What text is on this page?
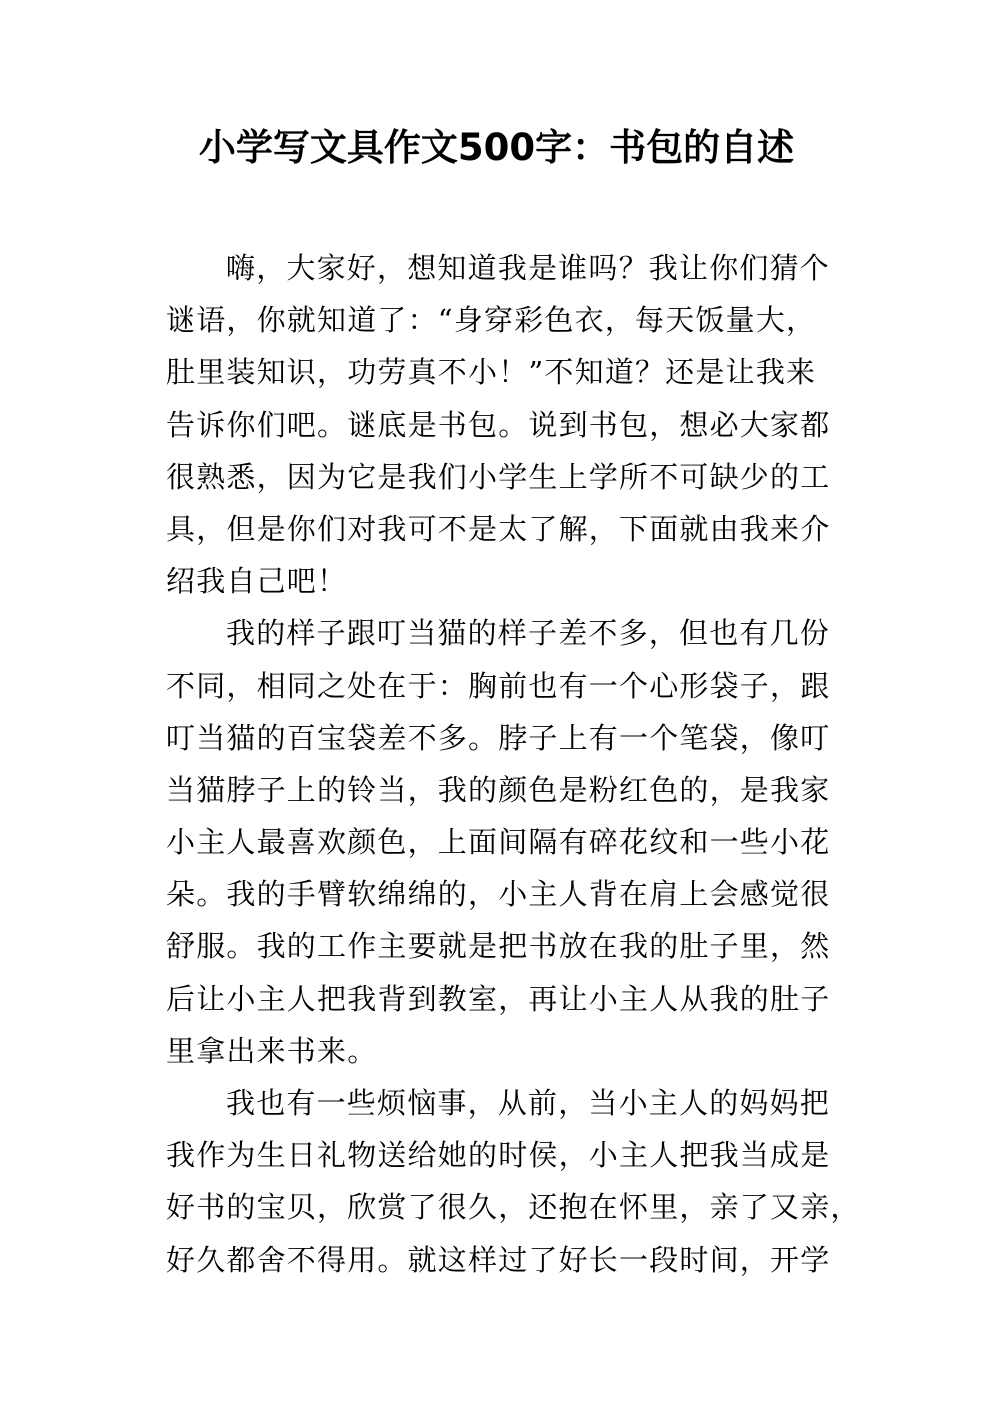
小学写文具作文500字：书包的自述
嗨，大家好，想知道我是谁吗？我让你们猜个
谜语，你就知道了：“身穿彩色衣，每天饭量大，
肚里装知识，功劳真不小！”不知道？还是让我来
告诉你们吧。谜底是书包。说到书包，想必大家都
很熟悉，因为它是我们小学生上学所不可缺少的工
具，但是你们对我可不是太了解，下面就由我来介
绍我自己吧！
我的样子跟叮当猫的样子差不多，但也有几份
不同，相同之处在于：胸前也有一个心形袋子，跟
叮当猫的百宝袋差不多。脖子上有一个笔袋，像叮
当猫脖子上的铃当，我的颜色是粉红色的，是我家
小主人最喜欢颜色，上面间隔有碎花纹和一些小花
朵。我的手臂软绵绵的，小主人背在肩上会感觉很
舒服。我的工作主要就是把书放在我的肚子里，然
后让小主人把我背到教室，再让小主人从我的肚子
里拿出来书来。
我也有一些烦恼事，从前，当小主人的妈妈把
我作为生日礼物送给她的时侯，小主人把我当成是
好书的宝贝，欣赏了很久，还抱在怀里，亲了又亲，
好久都舍不得用。就这样过了好长一段时间，开学
